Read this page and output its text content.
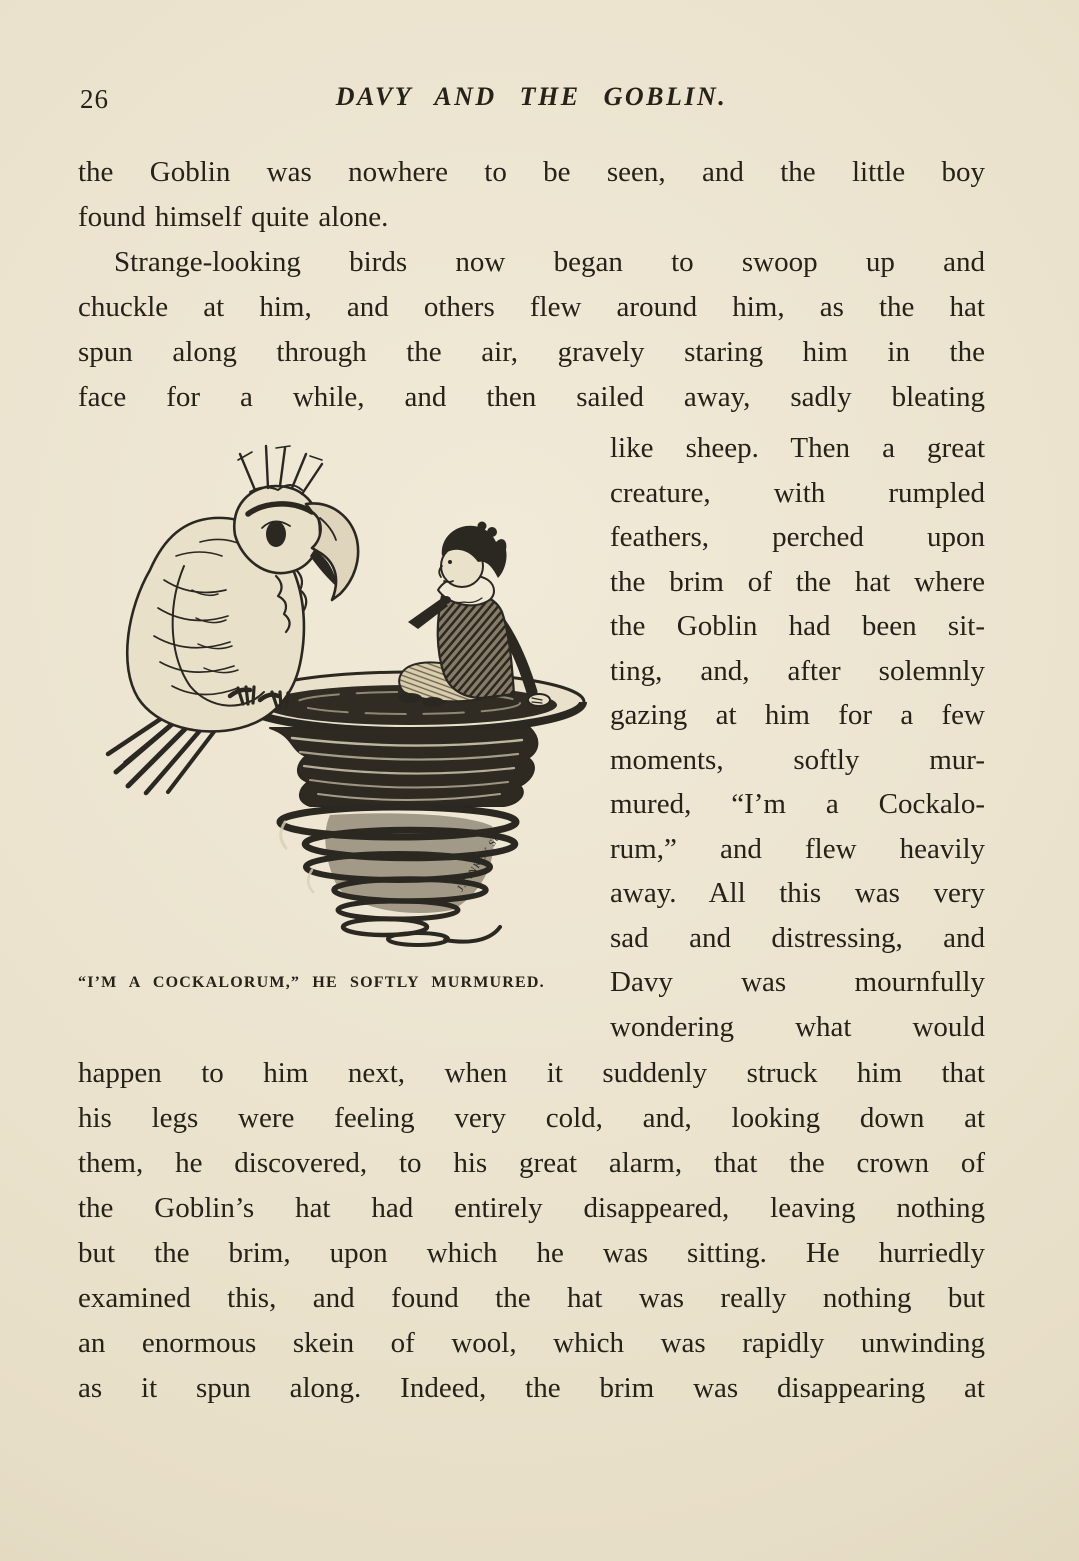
26	DAVY AND THE GOBLIN.
the Goblin was nowhere to be seen, and the little boy
found himself quite alone.
Strange-looking birds now began to swoop up and
chuckle at him, and others flew around him, as the hat
spun along through the air, gravely staring him in the
face for a while, and then sailed away, sadly bleating
J.TINKEY Sc.
“I’M A COCKALORUM,” HE SOFTLY MURMURED.
like sheep. Then a great
creature, with rumpled
feathers, perched upon
the brim of the hat where
the Goblin had been sit-
ting, and, after solemnly
gazing at him for a few
moments, softly mur-
mured, “I’m a Cockalo-
rum,” and flew heavily
away. All this was very
sad and distressing, and
Davy was mournfully
wondering what would
happen to him next, when it suddenly struck him that
his legs were feeling very cold, and, looking down at
them, he discovered, to his great alarm, that the crown of
the Goblin’s hat had entirely disappeared, leaving nothing
but the brim, upon which he was sitting. He hurriedly
examined this, and found the hat was really nothing but
an enormous skein of wool, which was rapidly unwinding
as it spun along. Indeed, the brim was disappearing at
